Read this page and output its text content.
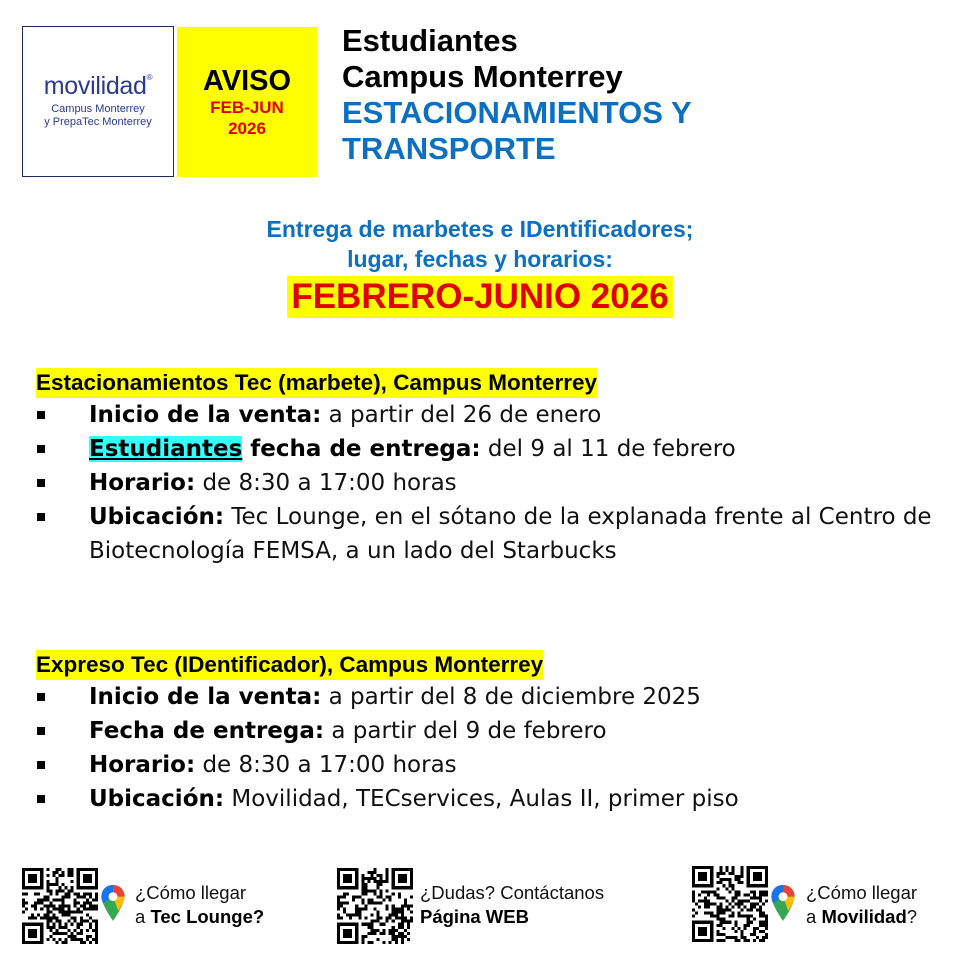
movilidad®
Campus Monterrey
y PrepaTec Monterrey
AVISO
FEB-JUN
2026
Estudiantes
Campus Monterrey
ESTACIONAMIENTOS Y
TRANSPORTE
Entrega de marbetes e IDentificadores;
lugar, fechas y horarios:
FEBRERO-JUNIO 2026
Estacionamientos Tec (marbete), Campus Monterrey
Inicio de la venta: a partir del 26 de enero
Estudiantes fecha de entrega: del 9 al 11 de febrero
Horario: de 8:30 a 17:00 horas
Ubicación: Tec Lounge, en el sótano de la explanada frente al Centro de Biotecnología FEMSA, a un lado del Starbucks
Expreso Tec (IDentificador), Campus Monterrey
Inicio de la venta: a partir del 8 de diciembre 2025
Fecha de entrega: a partir del 9 de febrero
Horario: de 8:30 a 17:00 horas
Ubicación: Movilidad, TECservices, Aulas II, primer piso
¿Cómo llegar
a Tec Lounge?
¿Dudas? Contáctanos
Página WEB
¿Cómo llegar
a Movilidad?
